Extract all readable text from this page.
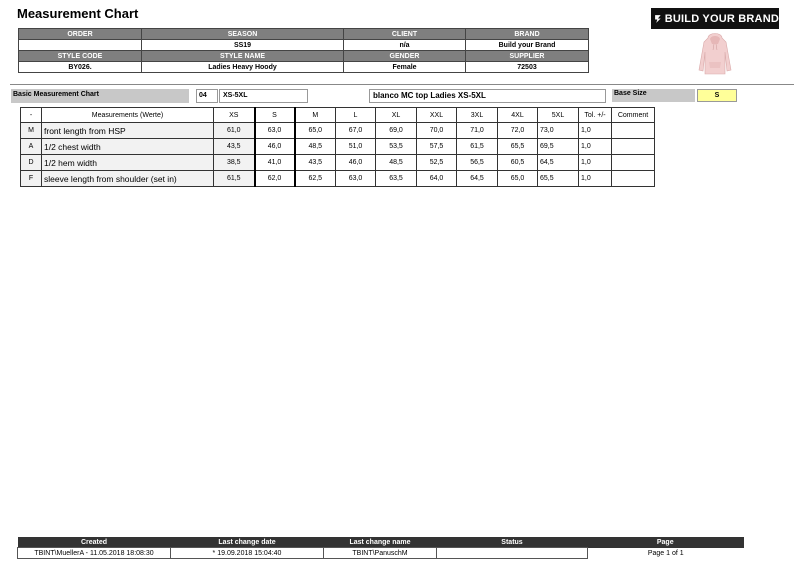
Measurement Chart
ORDER	SEASON	CLIENT	BRAND
	SS19	n/a	Build your Brand
STYLE CODE	STYLE NAME	GENDER	SUPPLIER
BY026.	Ladies Heavy Hoody	Female	72503
BUILD YOUR BRAND
Basic Measurement Chart	04	XS-5XL	blanco MC top Ladies XS-5XL	Base Size	S
-	Measurements (Werte)	XS	S	M	L	XL	XXL	3XL	4XL	5XL	Tol. +/-	Comment
M	front length from HSP	61,0	63,0	65,0	67,0	69,0	70,0	71,0	72,0	73,0	1,0	
A	1/2 chest width	43,5	46,0	48,5	51,0	53,5	57,5	61,5	65,5	69,5	1,0	
D	1/2 hem width	38,5	41,0	43,5	46,0	48,5	52,5	56,5	60,5	64,5	1,0	
F	sleeve length from shoulder (set in)	61,5	62,0	62,5	63,0	63,5	64,0	64,5	65,0	65,5	1,0	
Created	Last change date	Last change name	Status	Page
TBINT\MuellerA - 11.05.2018 18:08:30	* 19.09.2018 15:04:40	TBINT\PanuschM		Page 1 of 1
